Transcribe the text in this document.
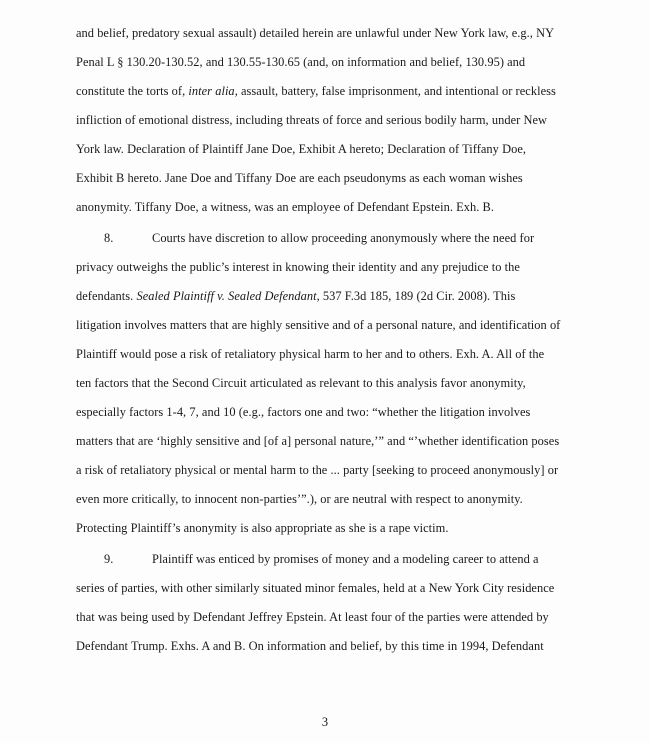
and belief, predatory sexual assault) detailed herein are unlawful under New York law, e.g., NY
Penal L § 130.20-130.52, and 130.55-130.65 (and, on information and belief, 130.95) and
constitute the torts of, inter alia, assault, battery, false imprisonment, and intentional or reckless
infliction of emotional distress, including threats of force and serious bodily harm, under New
York law. Declaration of Plaintiff Jane Doe, Exhibit A hereto; Declaration of Tiffany Doe,
Exhibit B hereto. Jane Doe and Tiffany Doe are each pseudonyms as each woman wishes
anonymity. Tiffany Doe, a witness, was an employee of Defendant Epstein. Exh. B.
8.	Courts have discretion to allow proceeding anonymously where the need for
privacy outweighs the public’s interest in knowing their identity and any prejudice to the
defendants. Sealed Plaintiff v. Sealed Defendant, 537 F.3d 185, 189 (2d Cir. 2008). This
litigation involves matters that are highly sensitive and of a personal nature, and identification of
Plaintiff would pose a risk of retaliatory physical harm to her and to others. Exh. A. All of the
ten factors that the Second Circuit articulated as relevant to this analysis favor anonymity,
especially factors 1-4, 7, and 10 (e.g., factors one and two: “whether the litigation involves
matters that are ‘highly sensitive and [of a] personal nature,’” and “’whether identification poses
a risk of retaliatory physical or mental harm to the ... party [seeking to proceed anonymously] or
even more critically, to innocent non-parties’”.), or are neutral with respect to anonymity.
Protecting Plaintiff’s anonymity is also appropriate as she is a rape victim.
9.	Plaintiff was enticed by promises of money and a modeling career to attend a
series of parties, with other similarly situated minor females, held at a New York City residence
that was being used by Defendant Jeffrey Epstein. At least four of the parties were attended by
Defendant Trump. Exhs. A and B. On information and belief, by this time in 1994, Defendant
3
